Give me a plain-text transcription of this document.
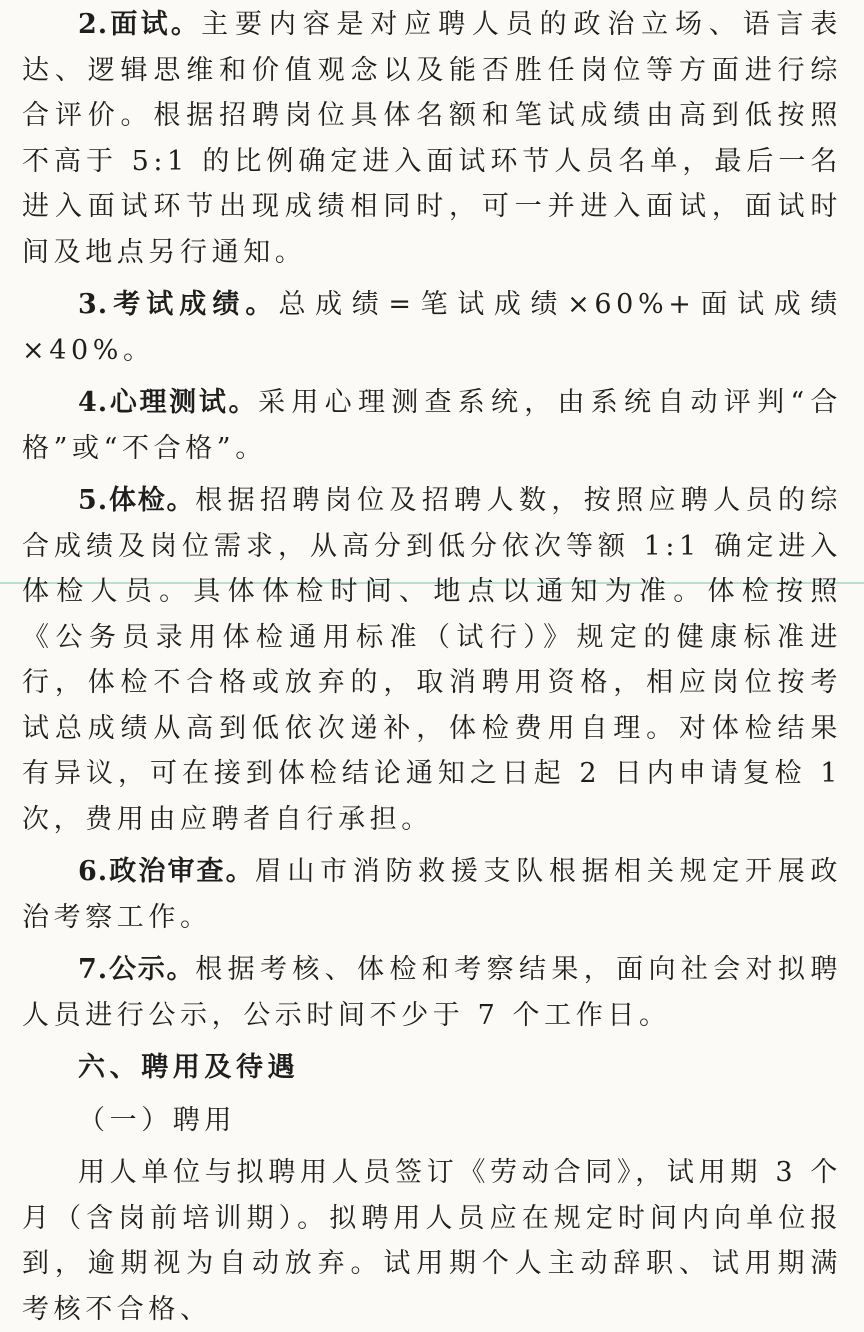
2.面试。主要内容是对应聘人员的政治立场、语言表达、逻辑思维和价值观念以及能否胜任岗位等方面进行综合评价。根据招聘岗位具体名额和笔试成绩由高到低按照不高于 5:1 的比例确定进入面试环节人员名单，最后一名进入面试环节出现成绩相同时，可一并进入面试，面试时间及地点另行通知。

3.考试成绩。总成绩=笔试成绩×60%+面试成绩×40%。

4.心理测试。采用心理测查系统，由系统自动评判“合格”或“不合格”。

5.体检。根据招聘岗位及招聘人数，按照应聘人员的综合成绩及岗位需求，从高分到低分依次等额 1:1 确定进入体检人员。具体体检时间、地点以通知为准。体检按照《公务员录用体检通用标准（试行）》规定的健康标准进行，体检不合格或放弃的，取消聘用资格，相应岗位按考试总成绩从高到低依次递补，体检费用自理。对体检结果有异议，可在接到体检结论通知之日起 2 日内申请复检 1 次，费用由应聘者自行承担。

6.政治审查。眉山市消防救援支队根据相关规定开展政治考察工作。

7.公示。根据考核、体检和考察结果，面向社会对拟聘人员进行公示，公示时间不少于 7 个工作日。

六、聘用及待遇

（一）聘用

用人单位与拟聘用人员签订《劳动合同》，试用期 3 个月（含岗前培训期）。拟聘用人员应在规定时间内向单位报到，逾期视为自动放弃。试用期个人主动辞职、试用期满考核不合格、
